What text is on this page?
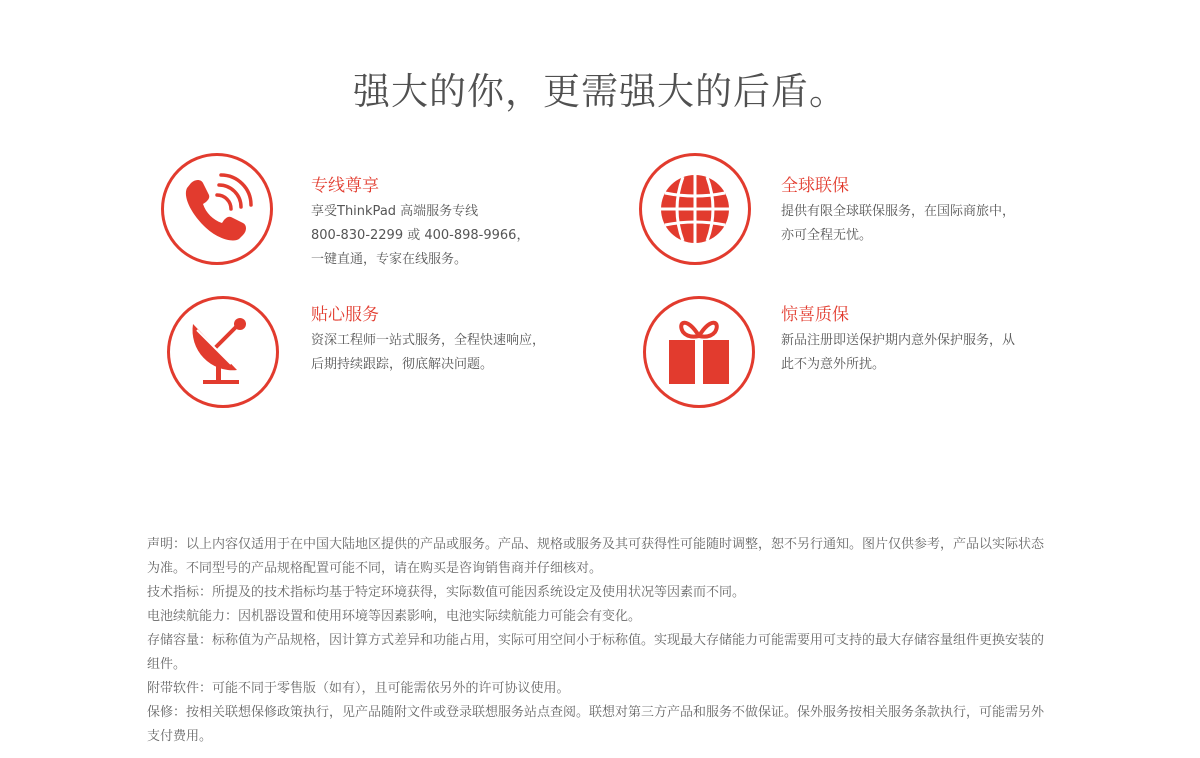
强大的你，更需强大的后盾。
专线尊享

享受ThinkPad 高端服务专线

800-830-2299 或 400-898-9966，

一键直通，专家在线服务。

全球联保

提供有限全球联保服务，在国际商旅中，

亦可全程无忧。

贴心服务

资深工程师一站式服务，全程快速响应，

后期持续跟踪，彻底解决问题。

惊喜质保

新品注册即送保护期内意外保护服务，从

此不为意外所扰。

声明：以上内容仅适用于在中国大陆地区提供的产品或服务。产品、规格或服务及其可获得性可能随时调整，恕不另行通知。图片仅供参考，产品以实际状态为准。不同型号的产品规格配置可能不同，请在购买是咨询销售商并仔细核对。

技术指标：所提及的技术指标均基于特定环境获得，实际数值可能因系统设定及使用状况等因素而不同。

电池续航能力：因机器设置和使用环境等因素影响，电池实际续航能力可能会有变化。

存储容量：标称值为产品规格，因计算方式差异和功能占用，实际可用空间小于标称值。实现最大存储能力可能需要用可支持的最大存储容量组件更换安装的组件。

附带软件：可能不同于零售版（如有），且可能需依另外的许可协议使用。

保修：按相关联想保修政策执行，见产品随附文件或登录联想服务站点查阅。联想对第三方产品和服务不做保证。保外服务按相关服务条款执行，可能需另外支付费用。
